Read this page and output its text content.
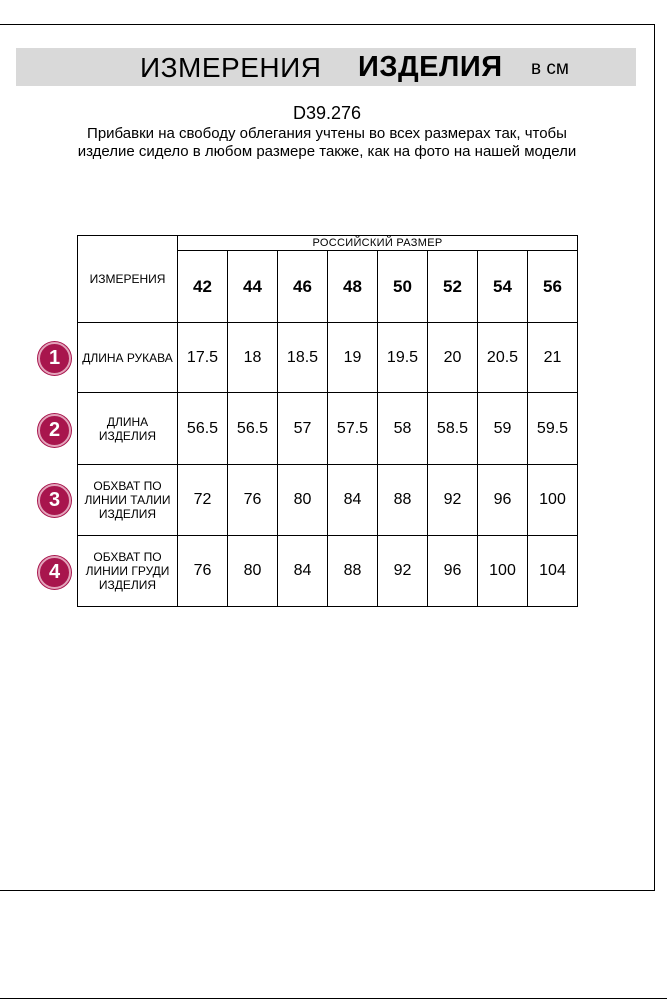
ИЗМЕРЕНИЯ ИЗДЕЛИЯ в см
D39.276
Прибавки на свободу облегания учтены во всех размерах так, чтобы изделие сидело в любом размере также, как на фото на нашей модели
ИЗМЕРЕНИЯ	РОССИЙСКИЙ РАЗМЕР							
	42	44	46	48	50	52	54	56

ДЛИНА РУКАВА	17.5	18	18.5	19	19.5	20	20.5	21

ДЛИНА
ИЗДЕЛИЯ	56.5	56.5	57	57.5	58	58.5	59	59.5

ОБХВАТ ПО
ЛИНИИ ТАЛИИ
ИЗДЕЛИЯ	72	76	80	84	88	92	96	100

ОБХВАТ ПО
ЛИНИИ ГРУДИ
ИЗДЕЛИЯ	76	80	84	88	92	96	100	104
1
2
3
4
